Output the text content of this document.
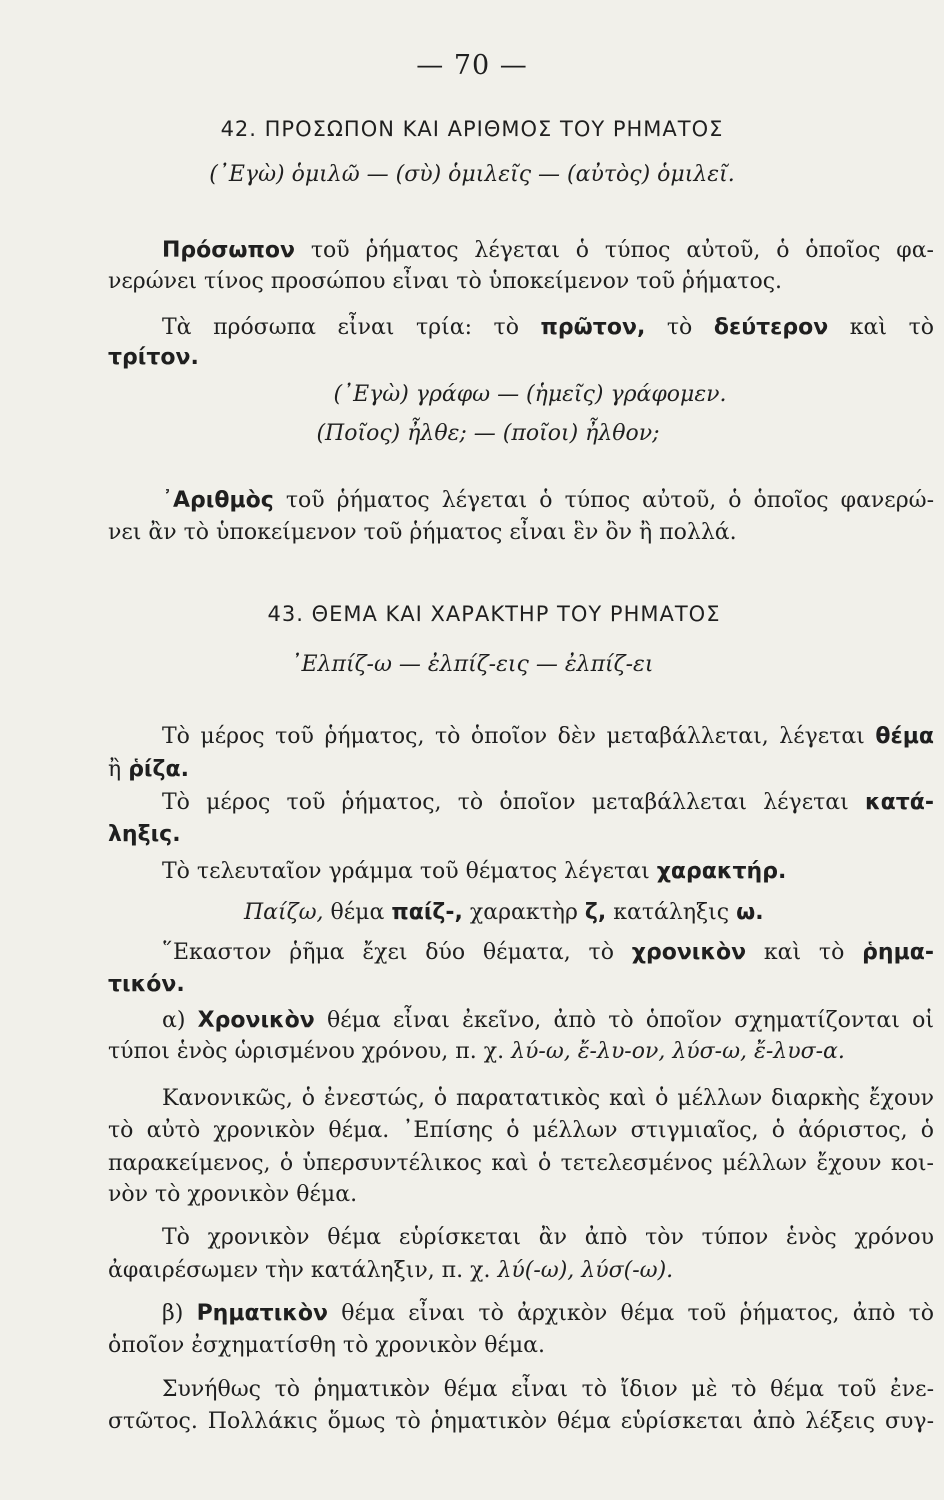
— 70 —
42. ΠΡΟΣΩΠΟΝ ΚΑΙ ΑΡΙΘΜΟΣ ΤΟΥ ΡΗΜΑΤΟΣ
(᾿Εγὼ) ὁμιλῶ — (σὺ) ὁμιλεῖς — (αὐτὸς) ὁμιλεῖ.
Πρόσωπον τοῦ ῥήματος λέγεται ὁ τύπος αὐτοῦ, ὁ ὁποῖος φα-
νερώνει τίνος προσώπου εἶναι τὸ ὑποκείμενον τοῦ ῥήματος.
Τὰ πρόσωπα εἶναι τρία: τὸ πρῶτον, τὸ δεύτερον καὶ τὸ
τρίτον.
(᾿Εγὼ) γράφω — (ἡμεῖς) γράφομεν.
(Ποῖος) ἦλθε; — (ποῖοι) ἦλθον;
᾿Αριθμὸς τοῦ ῥήματος λέγεται ὁ τύπος αὐτοῦ, ὁ ὁποῖος φανερώ-
νει ἂν τὸ ὑποκείμενον τοῦ ῥήματος εἶναι ἓν ὂν ἢ πολλά.
43. ΘΕΜΑ ΚΑΙ ΧΑΡΑΚΤΗΡ ΤΟΥ ΡΗΜΑΤΟΣ
᾿Ελπίζ-ω — ἐλπίζ-εις — ἐλπίζ-ει
Τὸ μέρος τοῦ ῥήματος, τὸ ὁποῖον δὲν μεταβάλλεται, λέγεται θέμα
ἢ ῥίζα.
Τὸ μέρος τοῦ ῥήματος, τὸ ὁποῖον μεταβάλλεται λέγεται κατά-
ληξις.
Τὸ τελευταῖον γράμμα τοῦ θέματος λέγεται χαρακτήρ.
Παίζω, θέμα παίζ-, χαρακτὴρ ζ, κατάληξις ω.
῞Εκαστον ῥῆμα ἔχει δύο θέματα, τὸ χρονικὸν καὶ τὸ ῥημα-
τικόν.
α) Χρονικὸν θέμα εἶναι ἐκεῖνο, ἀπὸ τὸ ὁποῖον σχηματίζονται οἱ
τύποι ἑνὸς ὡρισμένου χρόνου, π. χ. λύ-ω, ἔ-λυ-ον, λύσ-ω, ἔ-λυσ-α.
Κανονικῶς, ὁ ἐνεστώς, ὁ παρατατικὸς καὶ ὁ μέλλων διαρκὴς ἔχουν
τὸ αὐτὸ χρονικὸν θέμα. ᾿Επίσης ὁ μέλλων στιγμιαῖος, ὁ ἀόριστος, ὁ
παρακείμενος, ὁ ὑπερσυντέλικος καὶ ὁ τετελεσμένος μέλλων ἔχουν κοι-
νὸν τὸ χρονικὸν θέμα.
Τὸ χρονικὸν θέμα εὑρίσκεται ἂν ἀπὸ τὸν τύπον ἑνὸς χρόνου
ἀφαιρέσωμεν τὴν κατάληξιν, π. χ. λύ(-ω), λύσ(-ω).
β) Ρηματικὸν θέμα εἶναι τὸ ἀρχικὸν θέμα τοῦ ῥήματος, ἀπὸ τὸ
ὁποῖον ἐσχηματίσθη τὸ χρονικὸν θέμα.
Συνήθως τὸ ῥηματικὸν θέμα εἶναι τὸ ἴδιον μὲ τὸ θέμα τοῦ ἐνε-
στῶτος. Πολλάκις ὅμως τὸ ῥηματικὸν θέμα εὑρίσκεται ἀπὸ λέξεις συγ-
